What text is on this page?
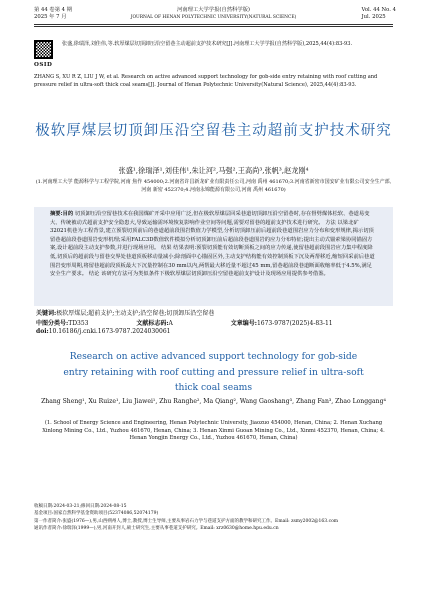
第 44 卷第 4 期
2025 年 7 月
河南理工大学学报(自然科学版)
JOURNAL OF HENAN POLYTECHNIC UNIVERSITY(NATURAL SCIENCE)
Vol. 44 No. 4
Jul. 2025
OSID
张盛,徐瑞泽,刘佳伟,等.软厚煤层切顶卸压沿空留巷主动超前支护技术研究[J].河南理工大学学报(自然科学版),2025,44(4):83-93.
ZHANG S, XU R Z, LIU J W, et al. Research on active advanced support technology for gob-side entry retaining with roof cutting and pressure relief in ultra-soft thick coal seams[J]. Journal of Henan Polytechnic University(Natural Science), 2025,44(4):83-93.
极软厚煤层切顶卸压沿空留巷主动超前支护技术研究
张盛¹,徐瑞泽¹,刘佳伟¹,朱让河²,马强²,王高尚³,张帆³,赵龙刚⁴
(1.河南理工大学 能源科学与工程学院,河南 焦作 454000;2.河南省许昌新龙矿业有限责任公司,河南 禹州 461670;3.河南省新密市国安矿业有限公司安全生产部,河南 新密 452370;4.河南永锦能源有限公司,河南 禹州 461670)
摘要:目的 切顶卸压沿空留巷技术在我国煤矿开采中应用广泛,但在极软厚煤层回采巷道切顶卸压沿空留巷时,存在督劈煤体松软、巷道易变大、传统被动式超前支护安全隐患大,导致运输需环境恢复影响作业空间等问题,需要对留巷的超前支护技术进行研究。 方法 以梁北矿32021机巷为工程背景,建立预裂切顶前后的巷道超前段围岩数值力学模型,分析切顶卸压前后超前段巷道围岩应力分布和变形规律,揭示切顶留巷超前段巷道围岩变形机理;采用FALC3D数值软件模拟分析切顶卸压前后超前段巷道围岩的应力分布特征;提出主动式锚索梁协同锚固方案,设计超前段主动支护参数,并进行现场应用。 结果 结果表明:预裂切顶能有效切断顶板之间的应力传递,使留巷超前段围岩应力集中程度降低,切顶后的超前段与留巷交界处巷道顶板移动量减小;除剖面中心锚固区外,主动支护结构能有效控制顶板下沉及两帮移近,缩短回采前后巷道围岩变形周期,将留巷超前段顶板最大下沉量控制在30 mm以内,两帮最大移近量不超过45 mm,留巷超前段巷道断面收缩率低于4.5%,满足安全生产要求。 结论 该研究方法可为类似条件下极软厚煤层切顶卸压沿空留巷超前支护设计及现场应用提供参考借鉴。
关键词:极软厚煤层;超前支护;主动支护;沿空留巷;切顶卸压沿空留巷
中图分类号:TD353	文献标志码:A	文章编号:1673-9787(2025)4-83-11
doi:10.16186/j.cnki.1673-9787.2024030061
Research on active advanced support technology for gob-side entry retaining with roof cutting and pressure relief in ultra-soft thick coal seams
Zhang Sheng¹, Xu Ruize¹, Liu Jiawei¹, Zhu Ranghe², Ma Qiang², Wang Gaoshang³, Zhang Fan³, Zhao Longgang⁴
(1. School of Energy Science and Engineering, Henan Polytechnic University, Jiaozuo 454000, Henan, China; 2. Henan Xuchang Xinlong Mining Co., Ltd., Yuzhou 461670, Henan, China; 3. Henan Xinmi Guoan Mining Co., Ltd., Xinmi 452370, Henan, China; 4. Henan Yongjin Energy Co., Ltd., Yuzhou 461670, Henan, China)
收稿日期:2024-03-21;修回日期:2024-08-15
基金项目:国家自然科学基金资助项目(52374086,52074179)
第一作者简介:张盛(1976—),男,山西朔州人,博士,教授,博士生导师,主要从事岩石力学与巷道支护方面的教学和研究工作。Email: zsmy2002@163.com
通讯作者简介:徐瑞泽(1999—),男,河南开封人,硕士研究生,主要从事巷道支护研究。Email: xrz0630@home.hpu.edu.cn
